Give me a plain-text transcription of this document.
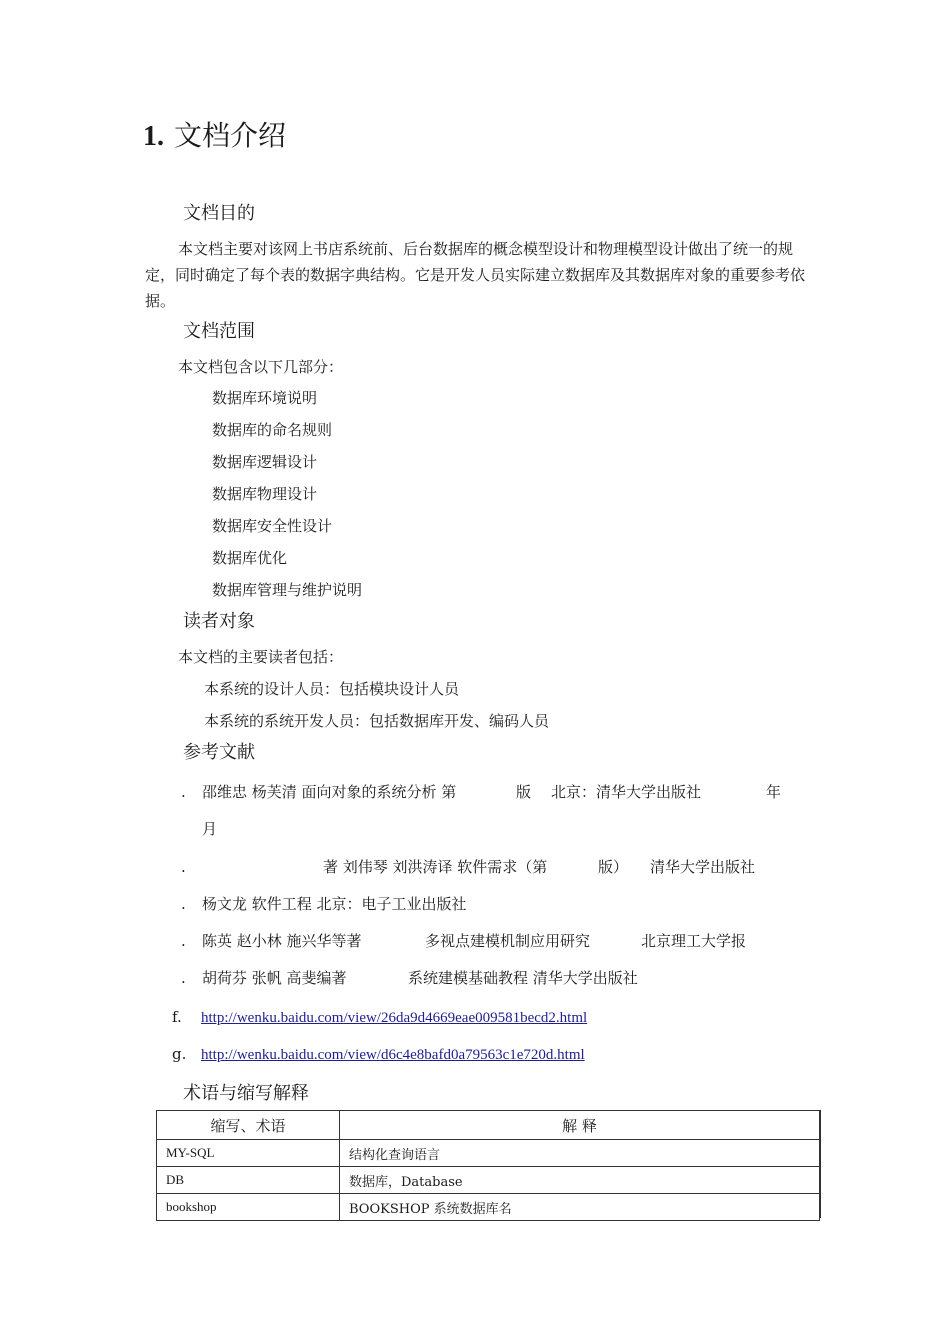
1. 文档介绍
文档目的
本文档主要对该网上书店系统前、后台数据库的概念模型设计和物理模型设计做出了统一的规定，同时确定了每个表的数据字典结构。它是开发人员实际建立数据库及其数据库对象的重要参考依据。
文档范围
本文档包含以下几部分：
数据库环境说明
数据库的命名规则
数据库逻辑设计
数据库物理设计
数据库安全性设计
数据库优化
数据库管理与维护说明
读者对象
本文档的主要读者包括：
本系统的设计人员：包括模块设计人员
本系统的系统开发人员：包括数据库开发、编码人员
参考文献
. 邵维忠 杨芙清 面向对象的系统分析 第	版 北京：清华大学出版社	年
月
.	著 刘伟琴 刘洪涛译 软件需求（第	版） 清华大学出版社
. 杨文龙 软件工程 北京：电子工业出版社
. 陈英 赵小林 施兴华等著	多视点建模机制应用研究	北京理工大学报
. 胡荷芬 张帆 高斐编著	系统建模基础教程 清华大学出版社
f. http://wenku.baidu.com/view/26da9d4669eae009581becd2.html
g. http://wenku.baidu.com/view/d6c4e8bafd0a79563c1e720d.html
术语与缩写解释
缩写、术语	解 释
MY-SQL	结构化查询语言
DB	数据库，Database
bookshop	BOOKSHOP 系统数据库名
